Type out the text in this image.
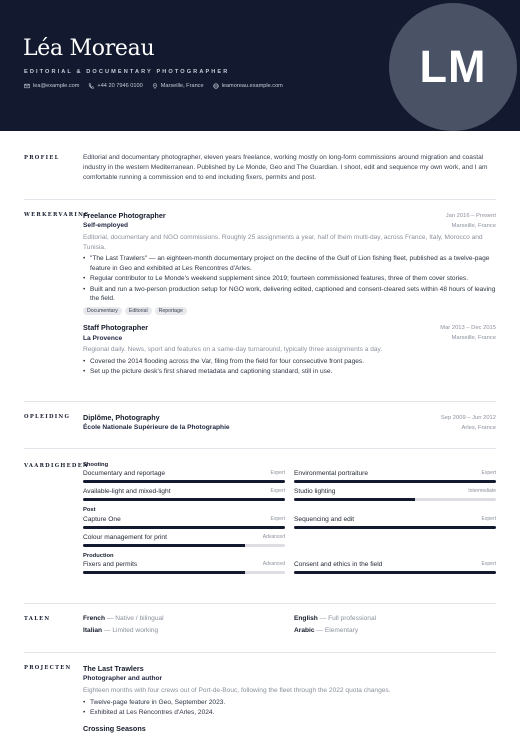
Léa Moreau
EDITORIAL & DOCUMENTARY PHOTOGRAPHER
lea@example.com	+44 20 7946 0100	Marseille, France	leamoreau.example.com	LM
PROFIEL	Editorial and documentary photographer, eleven years freelance, working mostly on long-form commissions around migration and coastal industry in the western Mediterranean. Published by Le Monde, Geo and The Guardian. I shoot, edit and sequence my own work, and I am comfortable running a commission end to end including fixers, permits and post.

WERKERVARING
Freelance Photographer
Self-employed
Jan 2016 – Present
Marseille, France
Editorial, documentary and NGO commissions. Roughly 25 assignments a year, half of them multi-day, across France, Italy, Morocco and Tunisia.
• "The Last Trawlers" — an eighteen-month documentary project on the decline of the Gulf of Lion fishing fleet, published as a twelve-page feature in Geo and exhibited at Les Rencontres d'Arles.
• Regular contributor to Le Monde's weekend supplement since 2019; fourteen commissioned features, three of them cover stories.
• Built and run a two-person production setup for NGO work, delivering edited, captioned and consent-cleared sets within 48 hours of leaving the field.
Documentary	Editorial	Reportage
Staff Photographer
La Provence
Mar 2013 – Dec 2015
Marseille, France
Regional daily. News, sport and features on a same-day turnaround, typically three assignments a day.
• Covered the 2014 flooding across the Var, filing from the field for four consecutive front pages.
• Set up the picture desk's first shared metadata and captioning standard, still in use.
OPLEIDING	Diplôme, Photography
École Nationale Supérieure de la Photographie
Sep 2009 – Jun 2012
Arles, France
VAARDIGHEDEN
Shooting
Documentary and reportage	Expert Environmental portraiture	Expert
Available-light and mixed-light	Expert Studio lighting	Intermediate
Post
Capture One	Expert Sequencing and edit	Expert
Colour management for print	Advanced
Production
Fixers and permits	Advanced Consent and ethics in the field	Expert
TALEN	French — Native / bilingual	English — Full professional
Italian — Limited working	Arabic — Elementary
PROJECTEN	The Last Trawlers
Photographer and author
Eighteen months with four crews out of Port-de-Bouc, following the fleet through the 2022 quota changes.
• Twelve-page feature in Geo, September 2023.
• Exhibited at Les Rencontres d'Arles, 2024.
Crossing Seasons
